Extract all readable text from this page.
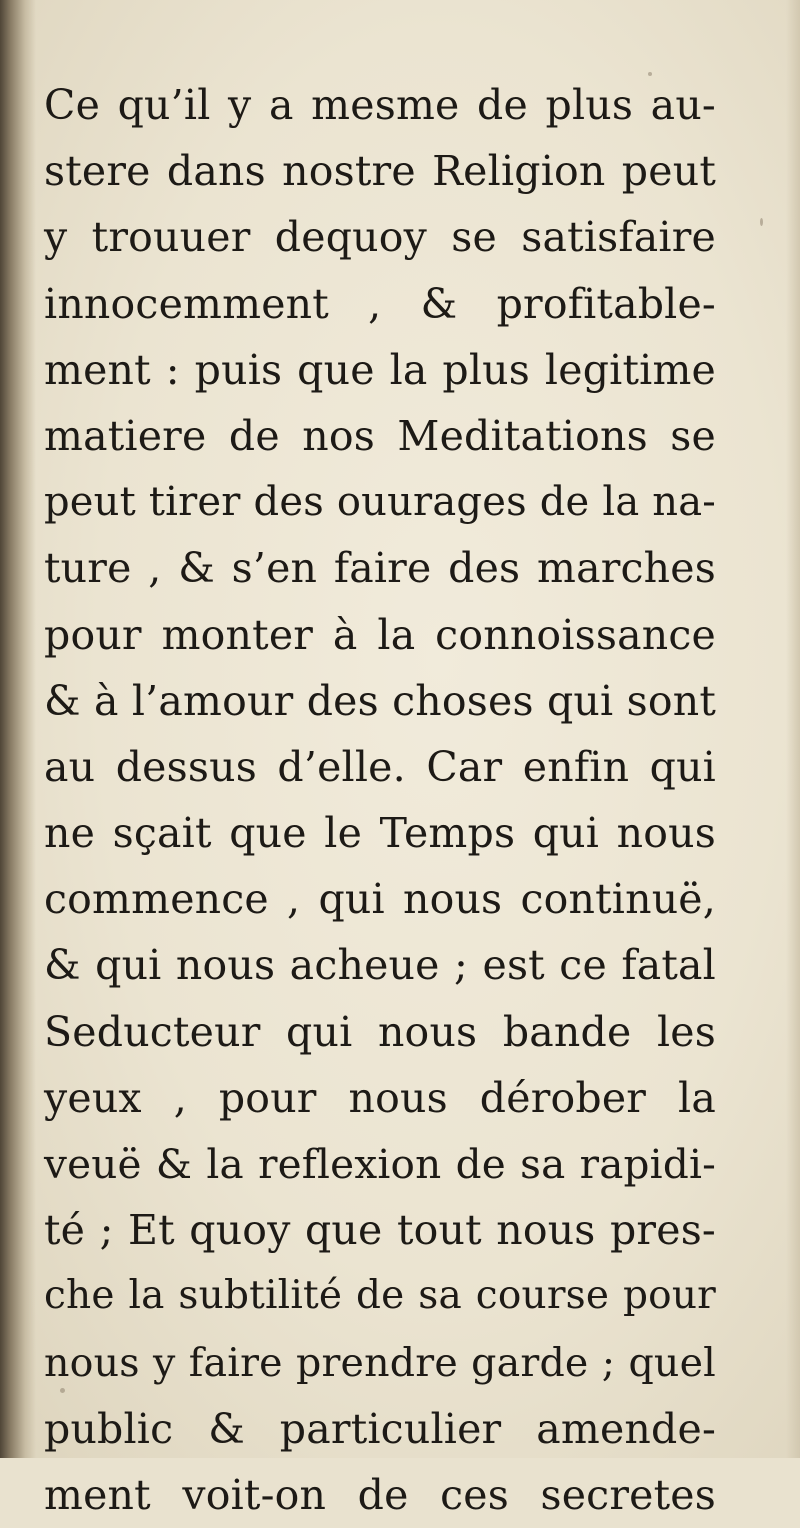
Ce qu’il y a mesme de plus au-
stere dans nostre Religion peut
y trouuer dequoy se satisfaire
innocemment , & profitable-
ment : puis que la plus legitime
matiere de nos Meditations se
peut tirer des ouurages de la na-
ture , & s’en faire des marches
pour monter à la connoissance
& à l’amour des choses qui sont
au dessus d’elle. Car enfin qui
ne sçait que le Temps qui nous
commence , qui nous continuë,
& qui nous acheue ; est ce fatal
Seducteur qui nous bande les
yeux , pour nous dérober la
veuë & la reflexion de sa rapidi-
té ; Et quoy que tout nous pres-
che la subtilité de sa course pour
nous y faire prendre garde ; quel
public & particulier amende-
ment voit-on de ces secretes
